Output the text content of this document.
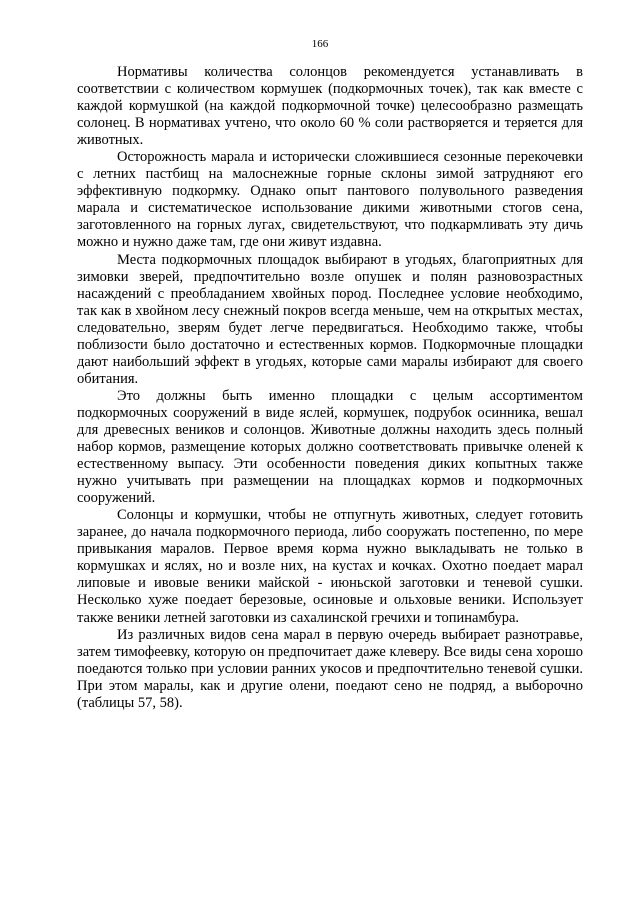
166

Нормативы количества солонцов рекомендуется устанавливать в соответствии с количеством кормушек (подкормочных точек), так как вместе с каждой кормушкой (на каждой подкормочной точке) целесообразно размещать солонец. В нормативах учтено, что около 60 % соли растворяется и теряется для животных.

Осторожность марала и исторически сложившиеся сезонные перекочевки с летних пастбищ на малоснежные горные склоны зимой затрудняют его эффективную подкормку. Однако опыт пантового полувольного разведения марала и систематическое использование дикими животными стогов сена, заготовленного на горных лугах, свидетельствуют, что подкармливать эту дичь можно и нужно даже там, где они живут издавна.

Места подкормочных площадок выбирают в угодьях, благоприятных для зимовки зверей, предпочтительно возле опушек и полян разновозрастных насаждений с преобладанием хвойных пород. Последнее условие необходимо, так как в хвойном лесу снежный покров всегда меньше, чем на открытых местах, следовательно, зверям будет легче передвигаться. Необходимо также, чтобы поблизости было достаточно и естественных кормов. Подкормочные площадки дают наибольший эффект в угодьях, которые сами маралы избирают для своего обитания.

Это должны быть именно площадки с целым ассортиментом подкормочных сооружений в виде яслей, кормушек, подрубок осинника, вешал для древесных веников и солонцов. Животные должны находить здесь полный набор кормов, размещение которых должно соответствовать привычке оленей к естественному выпасу. Эти особенности поведения диких копытных также нужно учитывать при размещении на площадках кормов и подкормочных сооружений.

Солонцы и кормушки, чтобы не отпугнуть животных, следует готовить заранее, до начала подкормочного периода, либо сооружать постепенно, по мере привыкания маралов. Первое время корма нужно выкладывать не только в кормушках и яслях, но и возле них, на кустах и кочках. Охотно поедает марал липовые и ивовые веники майской - июньской заготовки и теневой сушки. Несколько хуже поедает березовые, осиновые и ольховые веники. Использует также веники летней заготовки из сахалинской гречихи и топинамбура.

Из различных видов сена марал в первую очередь выбирает разнотравье, затем тимофеевку, которую он предпочитает даже клеверу. Все виды сена хорошо поедаются только при условии ранних укосов и предпочтительно теневой сушки. При этом маралы, как и другие олени, поедают сено не подряд, а выборочно (таблицы 57, 58).
